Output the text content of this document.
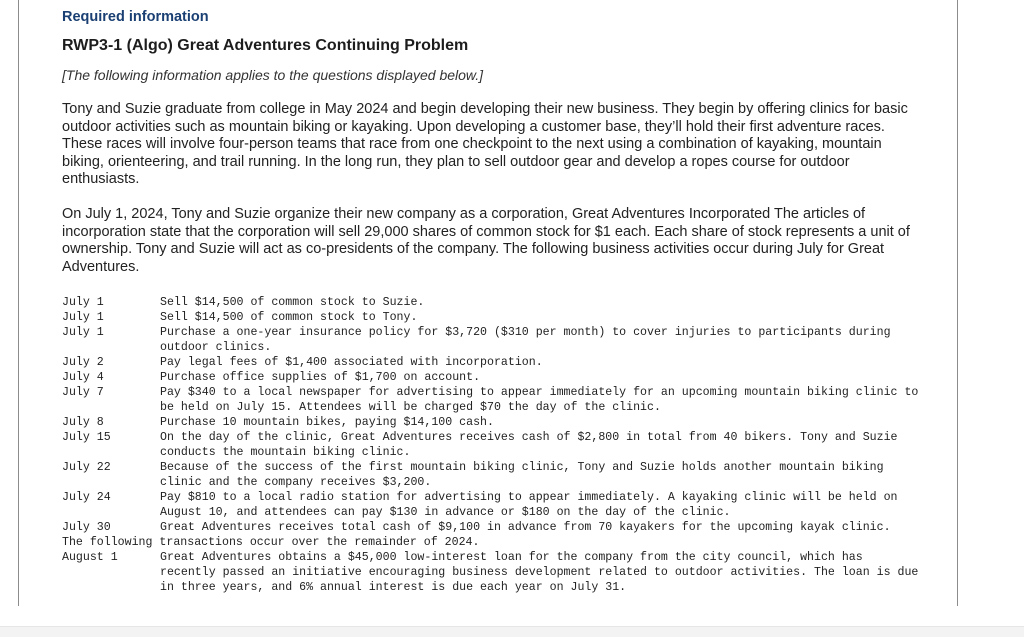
Required information
RWP3-1 (Algo) Great Adventures Continuing Problem
[The following information applies to the questions displayed below.]
Tony and Suzie graduate from college in May 2024 and begin developing their new business. They begin by offering clinics for basic outdoor activities such as mountain biking or kayaking. Upon developing a customer base, they’ll hold their first adventure races. These races will involve four-person teams that race from one checkpoint to the next using a combination of kayaking, mountain biking, orienteering, and trail running. In the long run, they plan to sell outdoor gear and develop a ropes course for outdoor enthusiasts.
On July 1, 2024, Tony and Suzie organize their new company as a corporation, Great Adventures Incorporated The articles of incorporation state that the corporation will sell 29,000 shares of common stock for $1 each. Each share of stock represents a unit of ownership. Tony and Suzie will act as co-presidents of the company. The following business activities occur during July for Great Adventures.
July 1	Sell $14,500 of common stock to Suzie.
July 1	Sell $14,500 of common stock to Tony.
July 1	Purchase a one-year insurance policy for $3,720 ($310 per month) to cover injuries to participants during outdoor clinics.
July 2	Pay legal fees of $1,400 associated with incorporation.
July 4	Purchase office supplies of $1,700 on account.
July 7	Pay $340 to a local newspaper for advertising to appear immediately for an upcoming mountain biking clinic to be held on July 15. Attendees will be charged $70 the day of the clinic.
July 8	Purchase 10 mountain bikes, paying $14,100 cash.
July 15	On the day of the clinic, Great Adventures receives cash of $2,800 in total from 40 bikers. Tony and Suzie conducts the mountain biking clinic.
July 22	Because of the success of the first mountain biking clinic, Tony and Suzie holds another mountain biking clinic and the company receives $3,200.
July 24	Pay $810 to a local radio station for advertising to appear immediately. A kayaking clinic will be held on August 10, and attendees can pay $130 in advance or $180 on the day of the clinic.
July 30	Great Adventures receives total cash of $9,100 in advance from 70 kayakers for the upcoming kayak clinic.
The following transactions occur over the remainder of 2024.
August 1	Great Adventures obtains a $45,000 low-interest loan for the company from the city council, which has recently passed an initiative encouraging business development related to outdoor activities. The loan is due in three years, and 6% annual interest is due each year on July 31.
